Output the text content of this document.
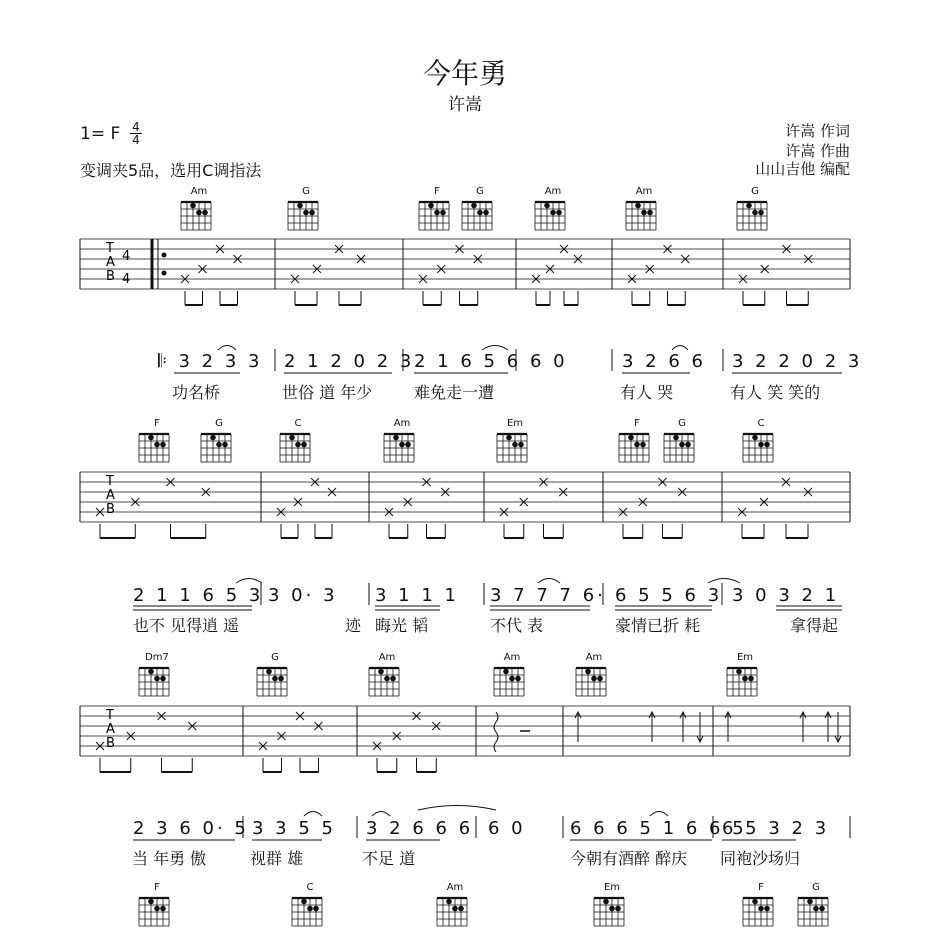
今年勇
许嵩
1= F 4
4
变调夹5品，选用C调指法
许嵩 作词
许嵩 作曲
山山吉他 编配
Am	G	F	G	Am	Am	G
𝄆 3 2 3 3 2 1 2 0 2 3 2 1 6 5 6 6 0	3 2 6 6 3 2 2 0 2 3
功名桥	世俗 道 年少	难免走一遭	有人 哭	有人 笑 笑的
F	G	C	Am	Em	F	G	C
2 1 1 6 5 3 3 0· 3 3 1 1 1 3 7 7 7 6· 6 5 5 6 3 3 0 3 2 1
也不 见得逍 遥	迹 晦光 韬	不代 表	豪情已折 耗	拿得起
Dm7	G	Am	Am	Am	Em
2 3 6 0· 5 3 3 5 5 3 2 6 6 6 6 0 6 6 6 5 1 6 6 5
6 5 3 2 3
当 年勇 傲	视群 雄	不足 道	今朝有酒醉 醉庆 同袍沙场归
F	C	Am	Em	F	G
T
A
B
4
4
T
A
B
T
A
B
